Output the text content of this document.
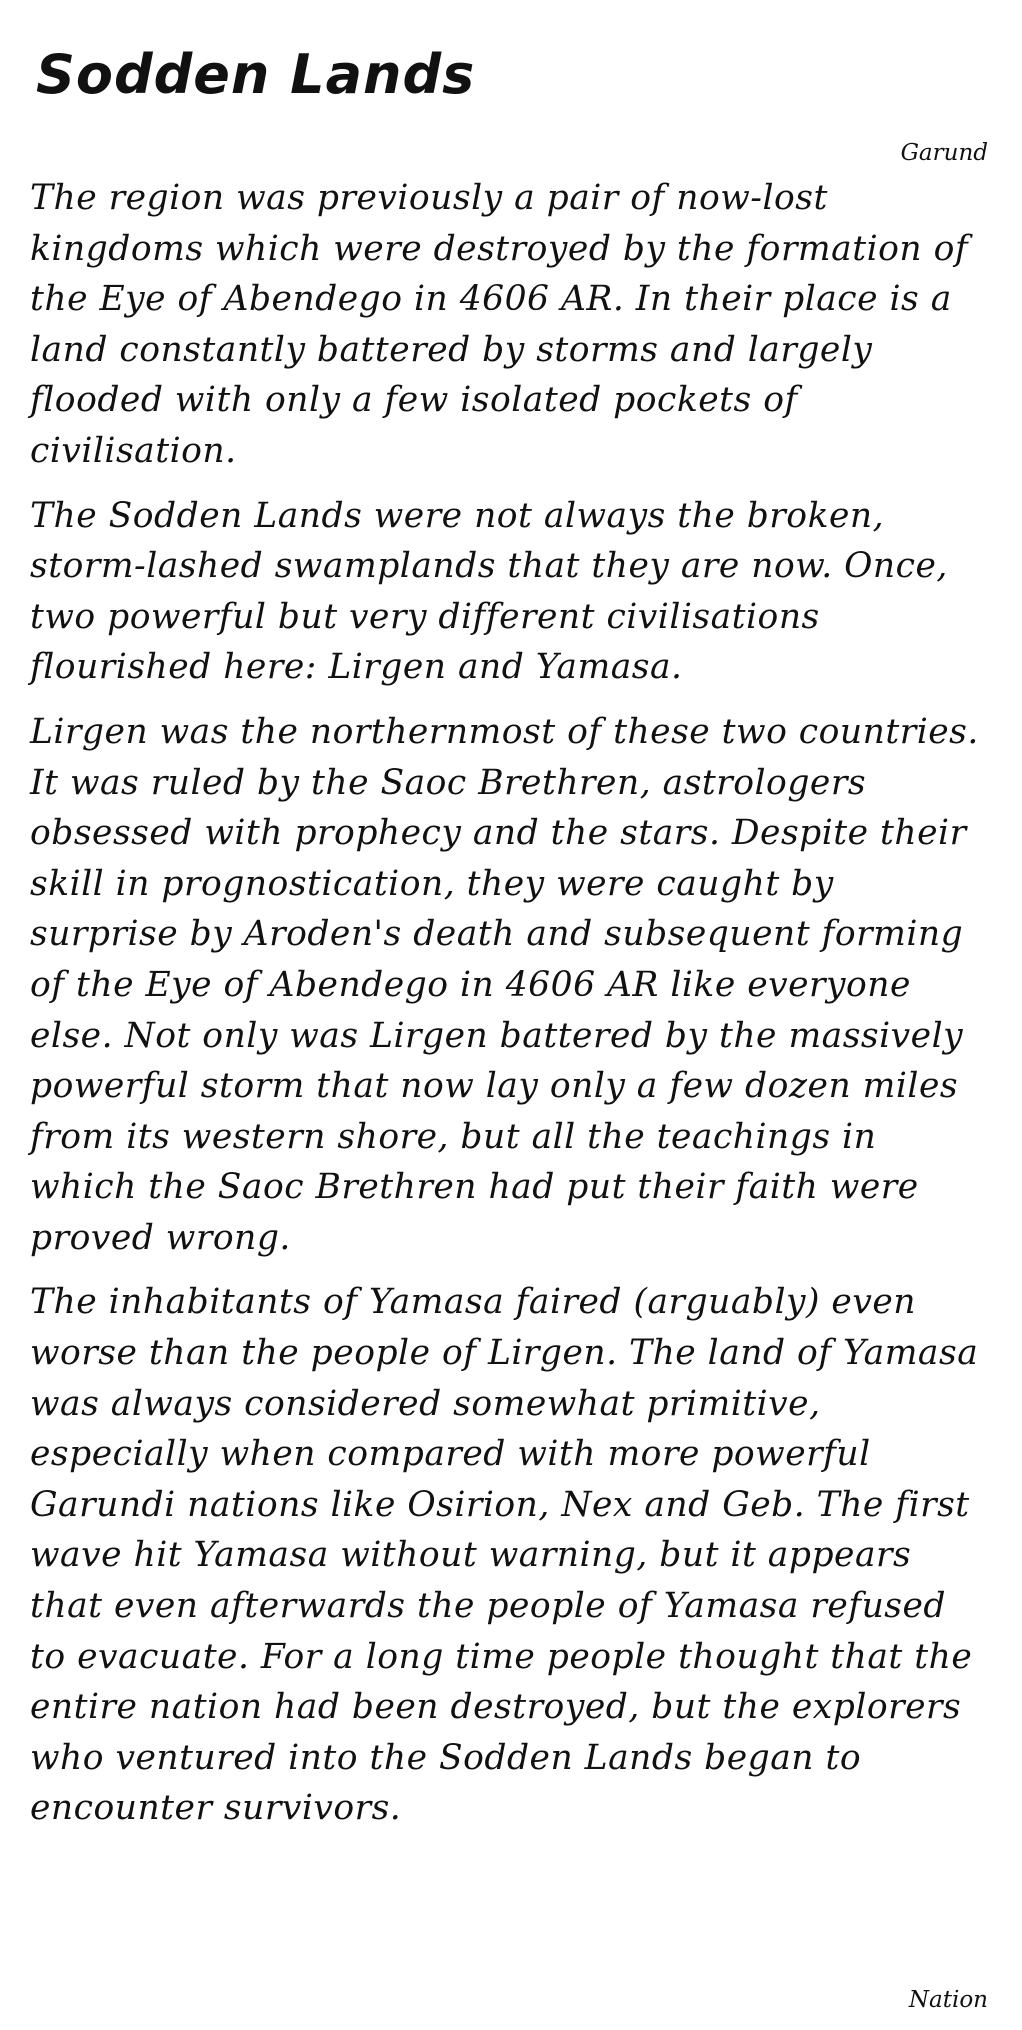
Sodden Lands
Garund

The region was previously a pair of now-lost kingdoms which were destroyed by the formation of the Eye of Abendego in 4606 AR. In their place is a land constantly battered by storms and largely flooded with only a few isolated pockets of civilisation.

The Sodden Lands were not always the broken, storm-lashed swamplands that they are now. Once, two powerful but very different civilisations flourished here: Lirgen and Yamasa.

Lirgen was the northernmost of these two countries. It was ruled by the Saoc Brethren, astrologers obsessed with prophecy and the stars. Despite their skill in prognostication, they were caught by surprise by Aroden's death and subsequent forming of the Eye of Abendego in 4606 AR like everyone else. Not only was Lirgen battered by the massively powerful storm that now lay only a few dozen miles from its western shore, but all the teachings in which the Saoc Brethren had put their faith were proved wrong.

The inhabitants of Yamasa faired (arguably) even worse than the people of Lirgen. The land of Yamasa was always considered somewhat primitive, especially when compared with more powerful Garundi nations like Osirion, Nex and Geb. The first wave hit Yamasa without warning, but it appears that even afterwards the people of Yamasa refused to evacuate. For a long time people thought that the entire nation had been destroyed, but the explorers who ventured into the Sodden Lands began to encounter survivors.

Nation
